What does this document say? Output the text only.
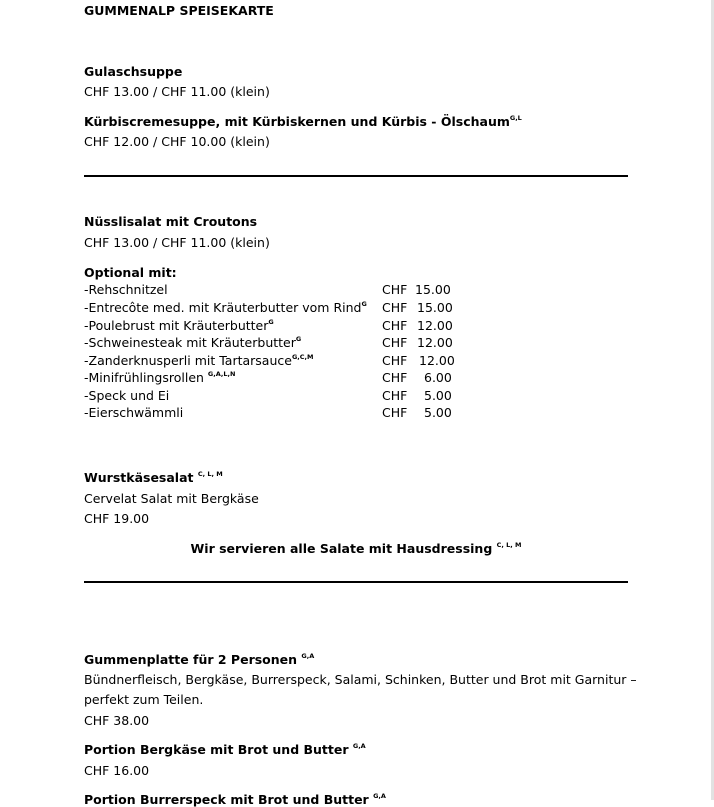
GUMMENALP SPEISEKARTE
Gulaschsuppe
CHF 13.00 / CHF 11.00 (klein)
Kürbiscremesuppe, mit Kürbiskernen und Kürbis - Ölschaum$^{G,L}$
CHF 12.00 / CHF 10.00 (klein)
Nüsslisalat mit Croutons
CHF 13.00 / CHF 11.00 (klein)
Optional mit:
-Rehschnitzel	CHF 15.00
-Entrecôte med. mit Kräuterbutter vom Rind$^G$ CHF 15.00
-Poulebrust mit Kräuterbutter$^G$	CHF 12.00
-Schweinesteak mit Kräuterbutter$^G$	CHF 12.00
-Zanderknusperli mit Tartarsauce$^{G,C,M}$	CHF 12.00
-Minifrühlingsrollen $^{G,A,L,N}$	CHF 6.00
-Speck und Ei	CHF 5.00
-Eierschwämmli	CHF 5.00
Wurstkäsesalat $^{C, L, M}$
Cervelat Salat mit Bergkäse
CHF 19.00
Wir servieren alle Salate mit Hausdressing $^{C, L, M}$
Gummenplatte für 2 Personen $^{G,A}$
Bündnerfleisch, Bergkäse, Burrerspeck, Salami, Schinken, Butter und Brot mit Garnitur –
perfekt zum Teilen.
CHF 38.00
Portion Bergkäse mit Brot und Butter $^{G,A}$
CHF 16.00
Portion Burrerspeck mit Brot und Butter $^{G,A}$
